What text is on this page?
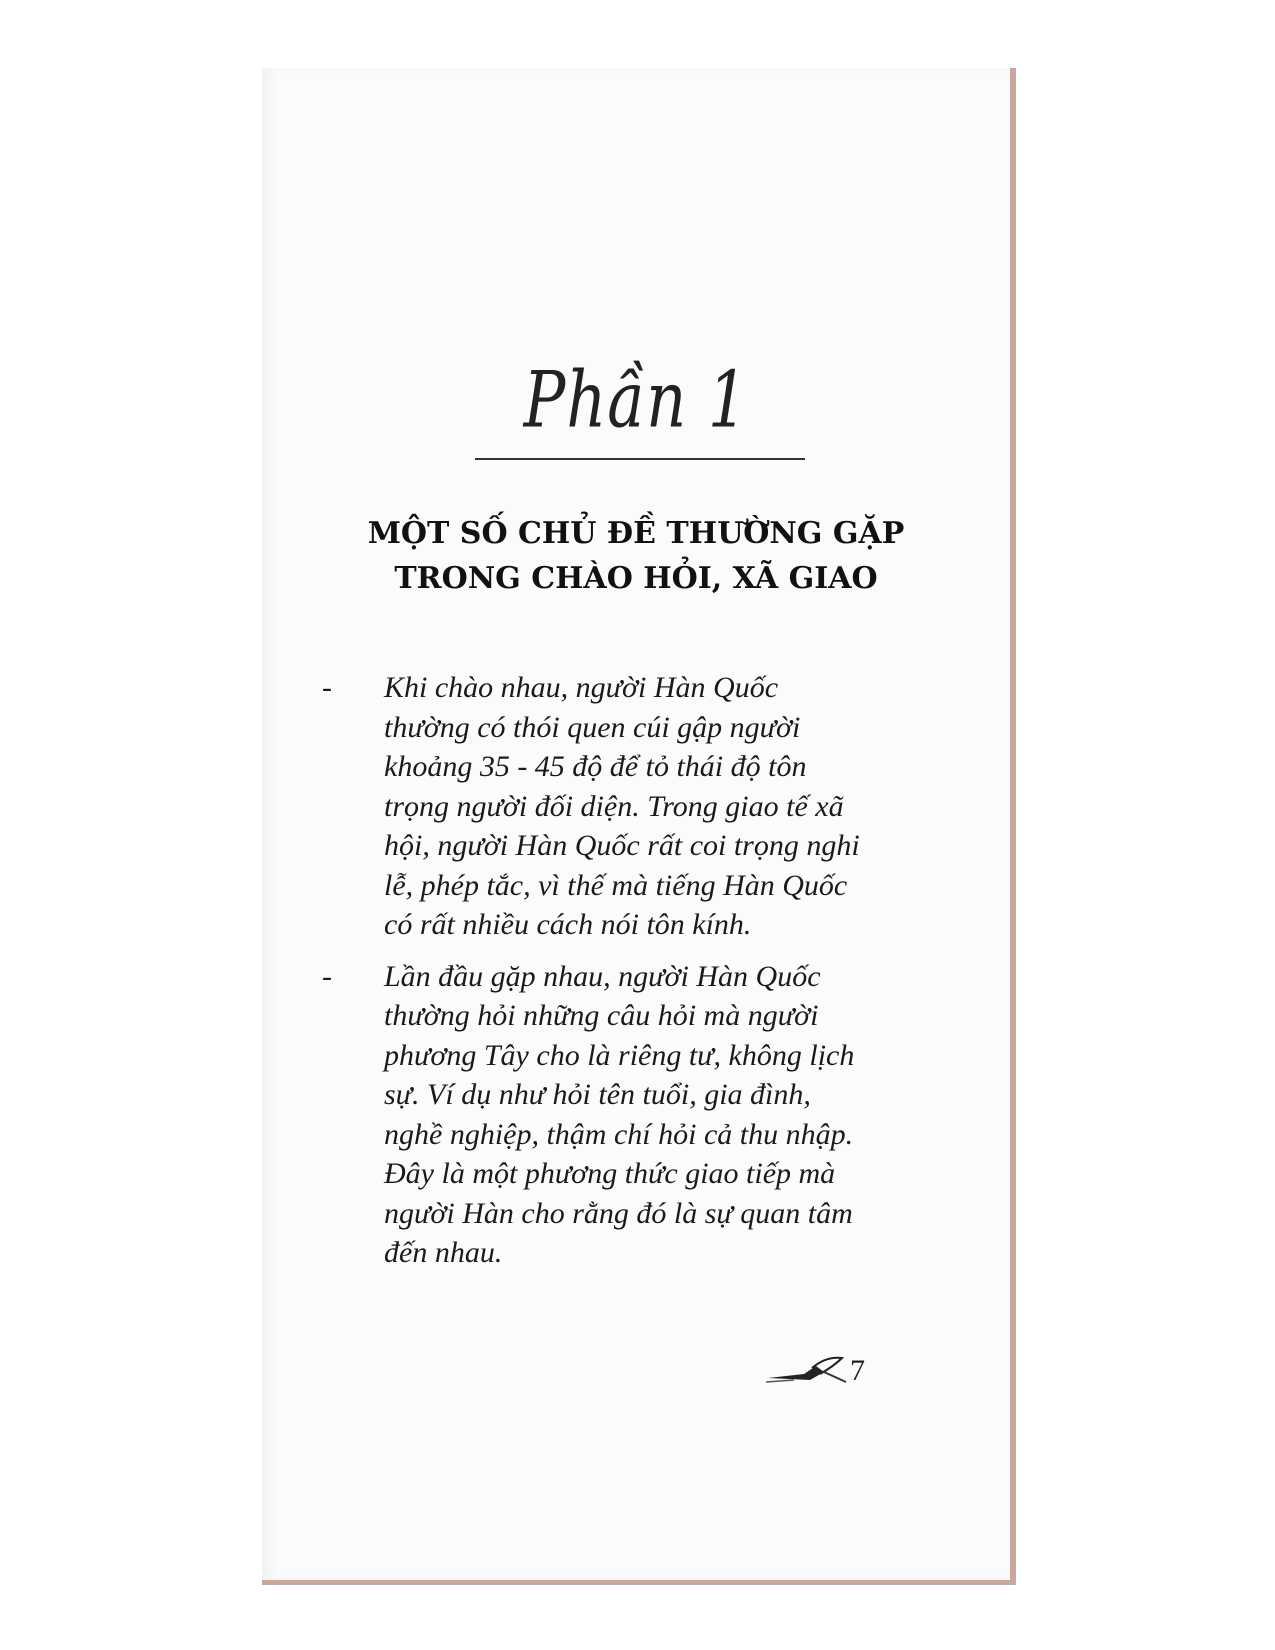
Phần 1
MỘT SỐ CHỦ ĐỀ THƯỜNG GẶP
TRONG CHÀO HỎI, XÃ GIAO
- Khi chào nhau, người Hàn Quốc
thường có thói quen cúi gập người
khoảng 35 - 45 độ để tỏ thái độ tôn
trọng người đối diện. Trong giao tế xã
hội, người Hàn Quốc rất coi trọng nghi
lễ, phép tắc, vì thế mà tiếng Hàn Quốc
có rất nhiều cách nói tôn kính.
- Lần đầu gặp nhau, người Hàn Quốc
thường hỏi những câu hỏi mà người
phương Tây cho là riêng tư, không lịch
sự. Ví dụ như hỏi tên tuổi, gia đình,
nghề nghiệp, thậm chí hỏi cả thu nhập.
Đây là một phương thức giao tiếp mà
người Hàn cho rằng đó là sự quan tâm
đến nhau.
7
